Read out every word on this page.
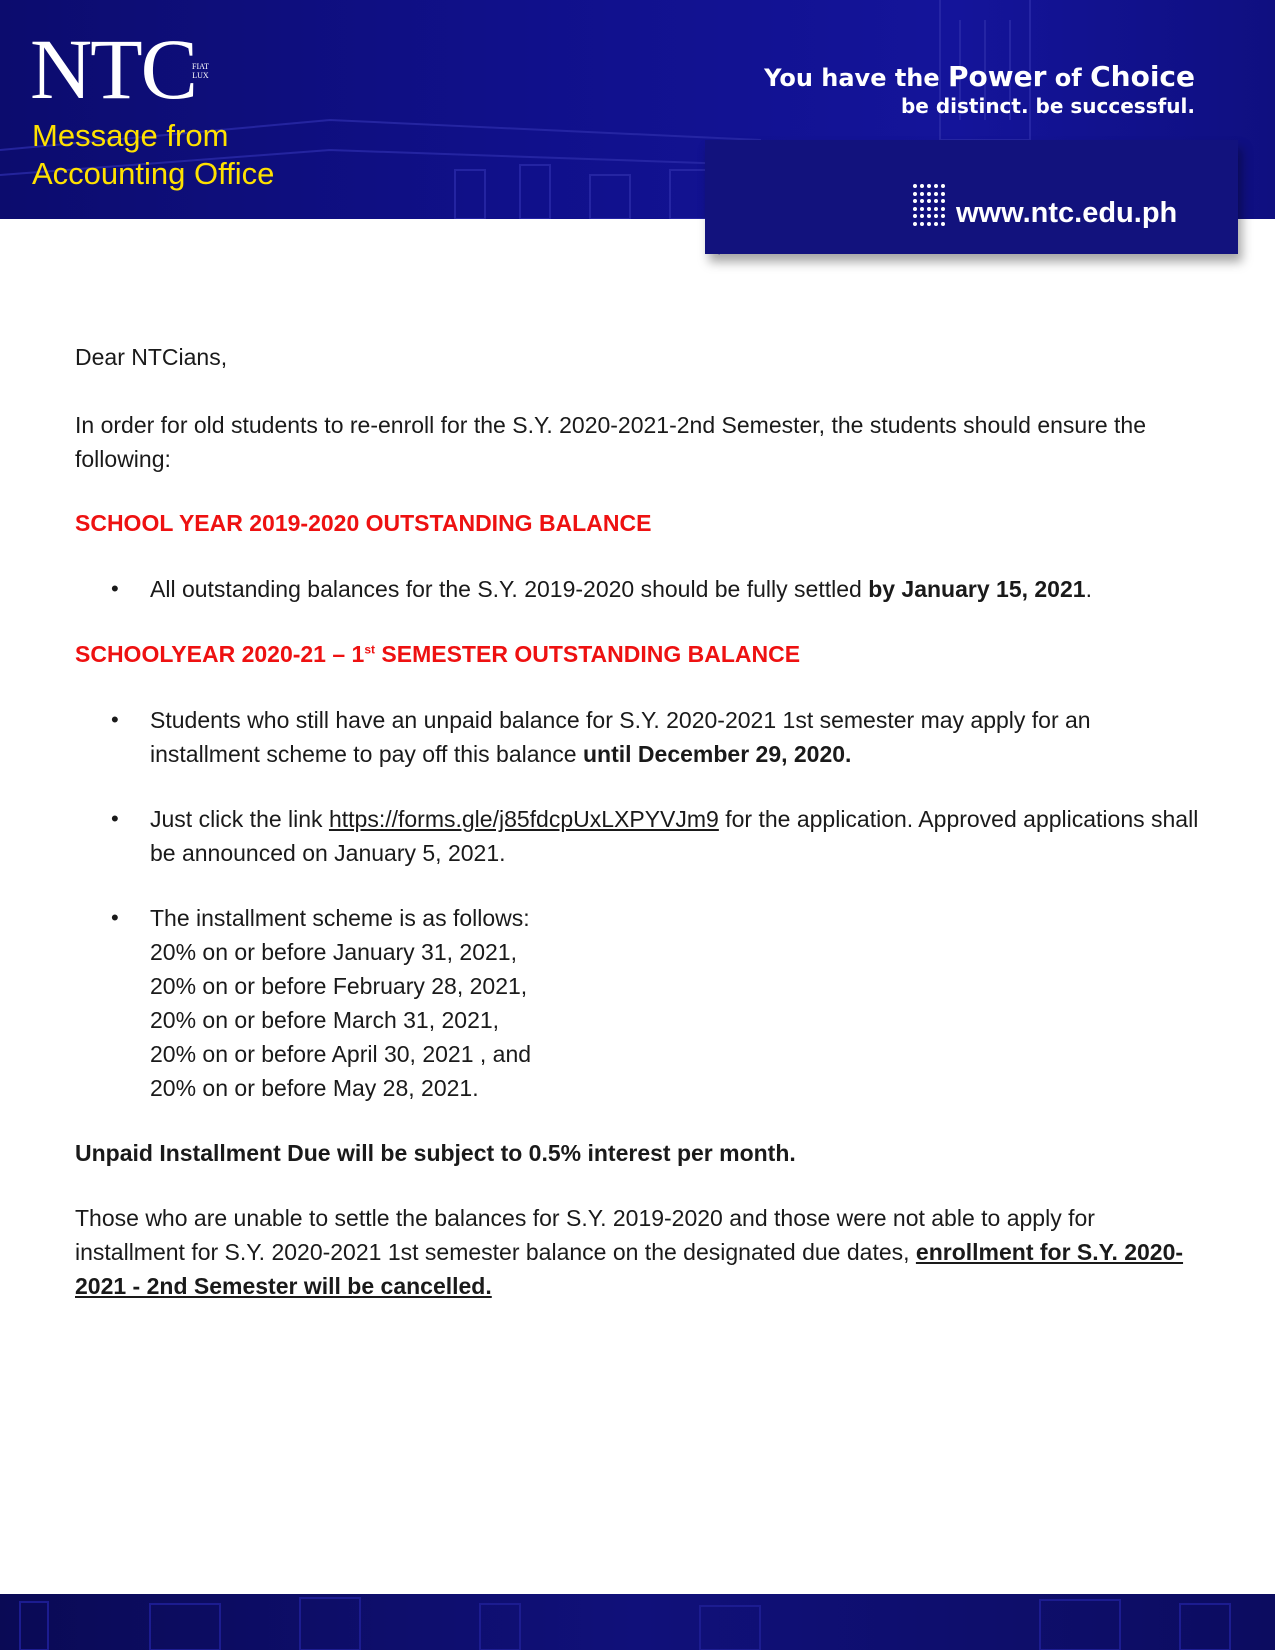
NTC
FIAT
LUX
Message from
Accounting Office
You have the Power of Choice
be distinct. be successful.
www.ntc.edu.ph

Dear NTCians,

In order for old students to re-enroll for the S.Y. 2020-2021-2nd Semester, the students should ensure the following:

SCHOOL YEAR 2019-2020 OUTSTANDING BALANCE

• All outstanding balances for the S.Y. 2019-2020 should be fully settled by January 15, 2021.

SCHOOLYEAR 2020-21 – 1st SEMESTER OUTSTANDING BALANCE

• Students who still have an unpaid balance for S.Y. 2020-2021 1st semester may apply for an installment scheme to pay off this balance until December 29, 2020.

• Just click the link https://forms.gle/j85fdcpUxLXPYVJm9 for the application. Approved applications shall be announced on January 5, 2021.

• The installment scheme is as follows:
20% on or before January 31, 2021,
20% on or before February 28, 2021,
20% on or before March 31, 2021,
20% on or before April 30, 2021 , and
20% on or before May 28, 2021.

Unpaid Installment Due will be subject to 0.5% interest per month.

Those who are unable to settle the balances for S.Y. 2019-2020 and those were not able to apply for installment for S.Y. 2020-2021 1st semester balance on the designated due dates, enrollment for S.Y. 2020-2021 - 2nd Semester will be cancelled.
